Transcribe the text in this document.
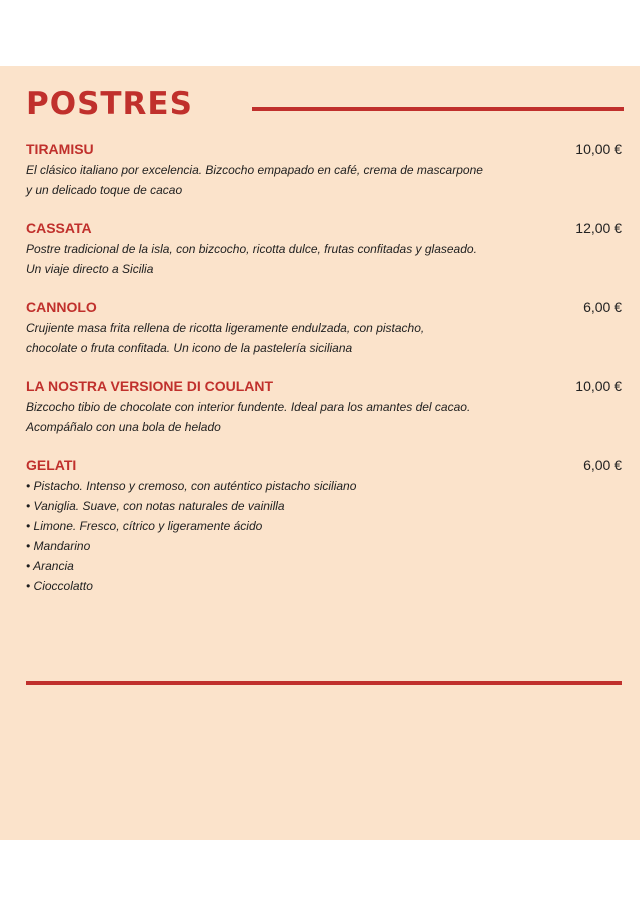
POSTRES
TIRAMISU	10,00 €
El clásico italiano por excelencia. Bizcocho empapado en café, crema de mascarpone
y un delicado toque de cacao
CASSATA	12,00 €
Postre tradicional de la isla, con bizcocho, ricotta dulce, frutas confitadas y glaseado.
Un viaje directo a Sicilia
CANNOLO	6,00 €
Crujiente masa frita rellena de ricotta ligeramente endulzada, con pistacho,
chocolate o fruta confitada. Un icono de la pastelería siciliana
LA NOSTRA VERSIONE DI COULANT	10,00 €
Bizcocho tibio de chocolate con interior fundente. Ideal para los amantes del cacao.
Acompáñalo con una bola de helado
GELATI	6,00 €
• Pistacho. Intenso y cremoso, con auténtico pistacho siciliano
• Vaniglia. Suave, con notas naturales de vainilla
• Limone. Fresco, cítrico y ligeramente ácido
• Mandarino
• Arancia
• Cioccolatto
